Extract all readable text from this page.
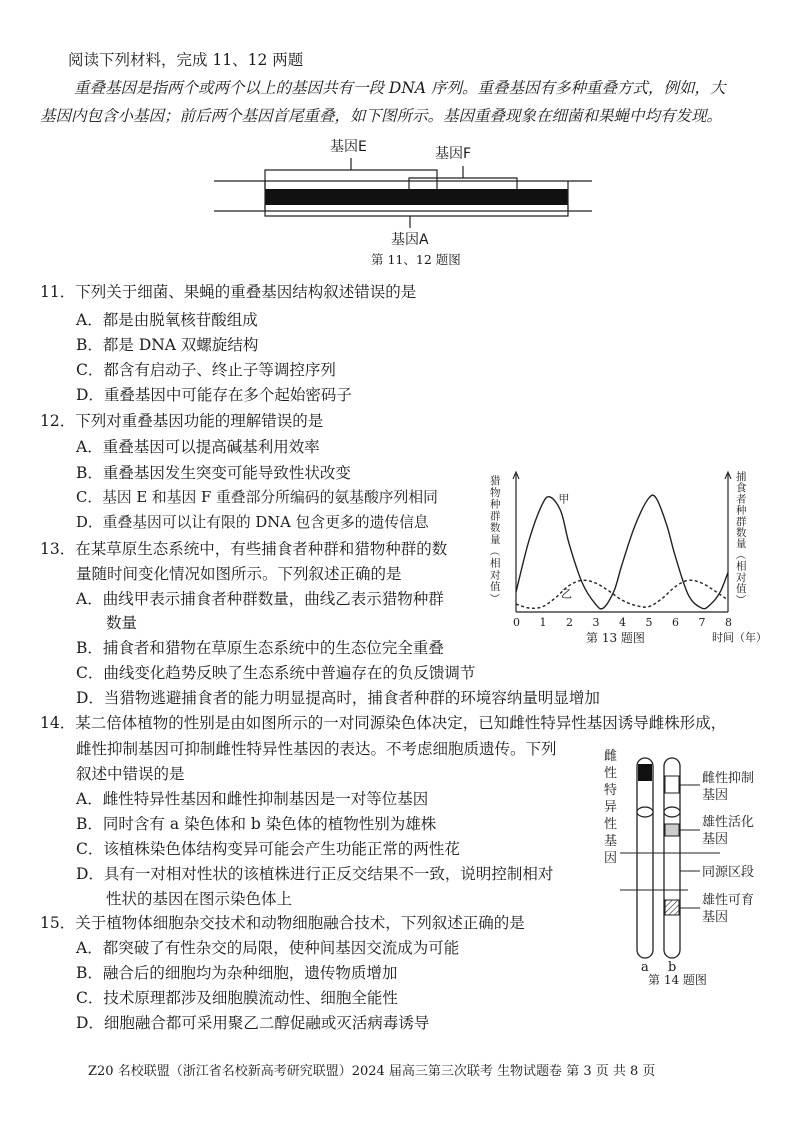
阅读下列材料，完成 11、12 两题
重叠基因是指两个或两个以上的基因共有一段 DNA 序列。重叠基因有多种重叠方式，例如，大
基因内包含小基因；前后两个基因首尾重叠，如下图所示。基因重叠现象在细菌和果蝇中均有发现。
基因E	基因F
基因A
第 11、12 题图
11．下列关于细菌、果蝇的重叠基因结构叙述错误的是
A．都是由脱氧核苷酸组成
B．都是 DNA 双螺旋结构
C．都含有启动子、终止子等调控序列
D．重叠基因中可能存在多个起始密码子
12．下列对重叠基因功能的理解错误的是
A．重叠基因可以提高碱基利用效率
B．重叠基因发生突变可能导致性状改变
C．基因 E 和基因 F 重叠部分所编码的氨基酸序列相同
D．重叠基因可以让有限的 DNA 包含更多的遗传信息
13．在某草原生态系统中，有些捕食者种群和猎物种群的数
量随时间变化情况如图所示。下列叙述正确的是
A．曲线甲表示捕食者种群数量，曲线乙表示猎物种群
数量
B．捕食者和猎物在草原生态系统中的生态位完全重叠
C．曲线变化趋势反映了生态系统中普遍存在的负反馈调节
D．当猎物逃避捕食者的能力明显提高时，捕食者种群的环境容纳量明显增加
猎
物
种
群
数
量
（
相
对
值
）
捕
食
者
种
群
数
量
（
相
对
值
）
0 1 2 3 4 5 6 7 8
甲
乙
时间（年）
第 13 题图
14．某二倍体植物的性别是由如图所示的一对同源染色体决定，已知雌性特异性基因诱导雌株形成，
雌性抑制基因可抑制雌性特异性基因的表达。不考虑细胞质遗传。下列
叙述中错误的是
A．雌性特异性基因和雌性抑制基因是一对等位基因
B．同时含有 a 染色体和 b 染色体的植物性别为雄株
C．该植株染色体结构变异可能会产生功能正常的两性花
D．具有一对相对性状的该植株进行正反交结果不一致，说明控制相对
性状的基因在图示染色体上
雌
性
特
异
性
基
因
雌性抑制基因
雄性活化基因
同源区段
雄性可育基因
a b
第 14 题图
15．关于植物体细胞杂交技术和动物细胞融合技术，下列叙述正确的是
A．都突破了有性杂交的局限，使种间基因交流成为可能
B．融合后的细胞均为杂种细胞，遗传物质增加
C．技术原理都涉及细胞膜流动性、细胞全能性
D．细胞融合都可采用聚乙二醇促融或灭活病毒诱导
Z20 名校联盟（浙江省名校新高考研究联盟）2024 届高三第三次联考 生物试题卷 第 3 页 共 8 页
